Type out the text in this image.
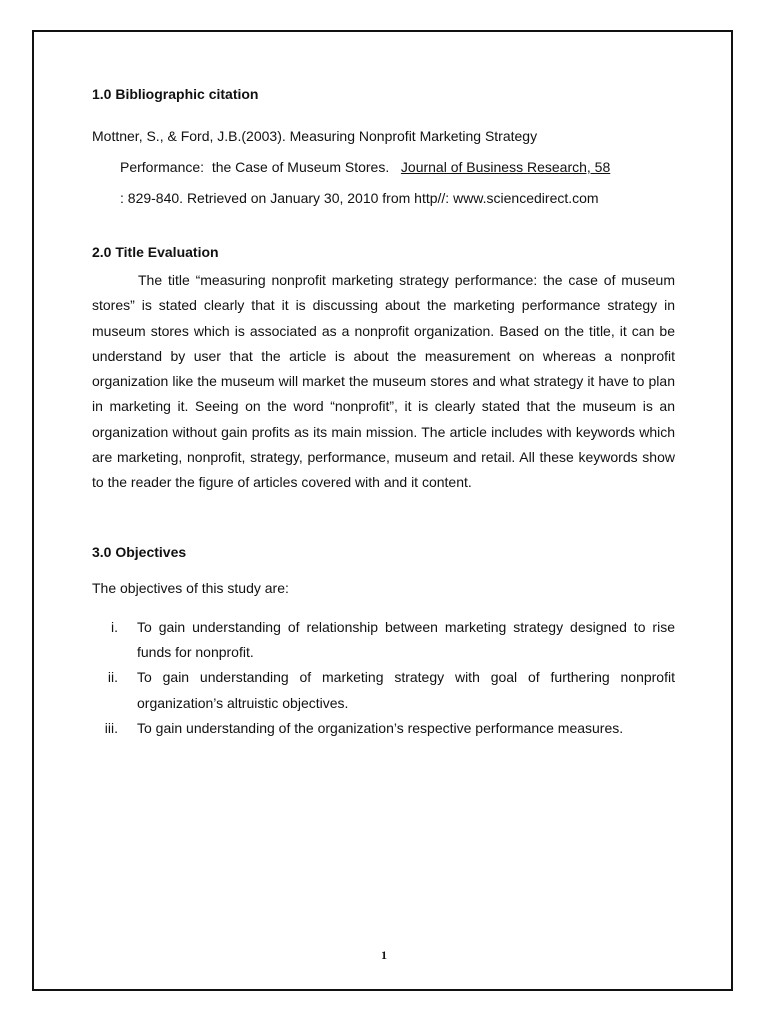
1.0 Bibliographic citation
Mottner, S., & Ford, J.B.(2003). Measuring Nonprofit Marketing Strategy
Performance:  the Case of Museum Stores.   Journal of Business Research, 58
: 829-840. Retrieved on January 30, 2010 from http//: www.sciencedirect.com
2.0 Title Evaluation

The title “measuring nonprofit marketing strategy performance: the case of museum stores” is stated clearly that it is discussing about the marketing performance strategy in museum stores which is associated as a nonprofit organization. Based on the title, it can be understand by user that the article is about the measurement on whereas a nonprofit organization like the museum will market the museum stores and what strategy it have to plan in marketing it. Seeing on the word “nonprofit”, it is clearly stated that the museum is an organization without gain profits as its main mission. The article includes with keywords which are marketing, nonprofit, strategy, performance, museum and retail. All these keywords show to the reader the figure of articles covered with and it content.

3.0 Objectives

The objectives of this study are:

i. To gain understanding of relationship between marketing strategy designed to rise funds for nonprofit.
ii. To gain understanding of marketing strategy with goal of furthering nonprofit organization’s altruistic objectives.
iii. To gain understanding of the organization’s respective performance measures.
1
